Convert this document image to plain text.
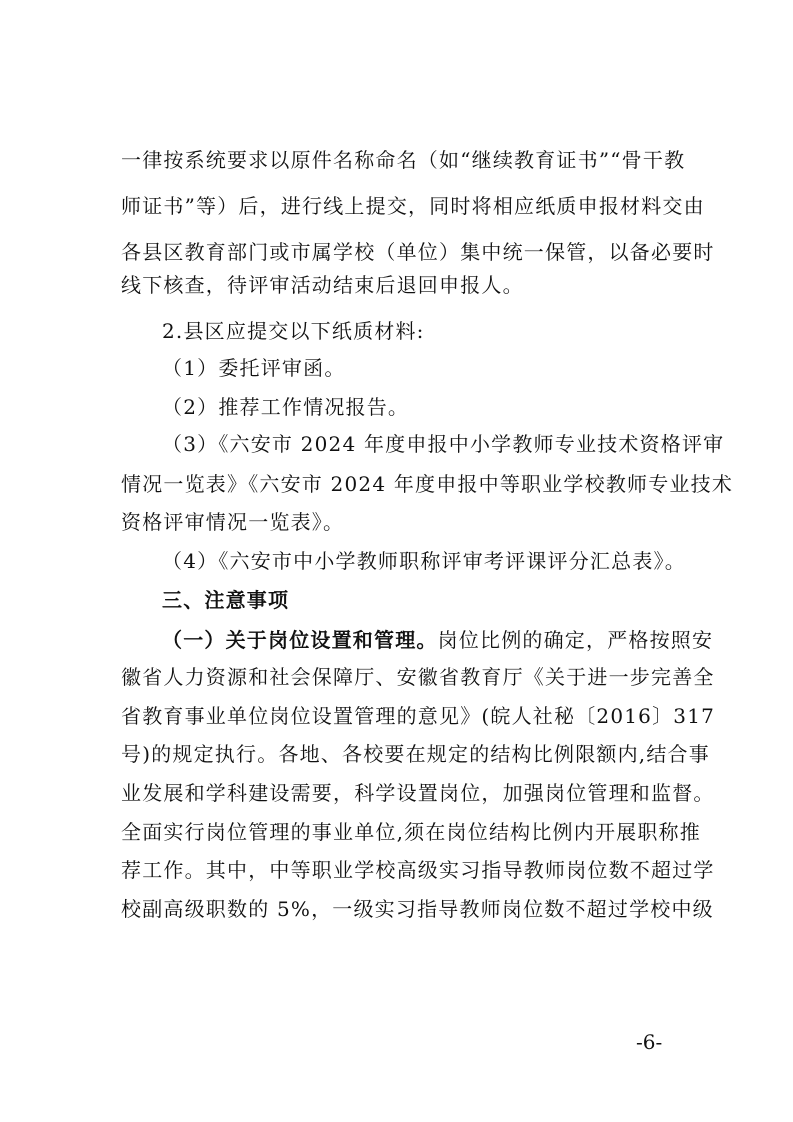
一律按系统要求以原件名称命名（如“继续教育证书”“骨干教
师证书”等）后，进行线上提交，同时将相应纸质申报材料交由
各县区教育部门或市属学校（单位）集中统一保管，以备必要时
线下核查，待评审活动结束后退回申报人。
2.县区应提交以下纸质材料:
（1）委托评审函。
（2）推荐工作情况报告。
（3）《六安市 2024 年度申报中小学教师专业技术资格评审
情况一览表》《六安市 2024 年度申报中等职业学校教师专业技术
资格评审情况一览表》。
（4）《六安市中小学教师职称评审考评课评分汇总表》。
三、注意事项
（一）关于岗位设置和管理。岗位比例的确定，严格按照安
徽省人力资源和社会保障厅、安徽省教育厅《关于进一步完善全
省教育事业单位岗位设置管理的意见》(皖人社秘〔2016〕317
号)的规定执行。各地、各校要在规定的结构比例限额内,结合事
业发展和学科建设需要，科学设置岗位，加强岗位管理和监督。
全面实行岗位管理的事业单位,须在岗位结构比例内开展职称推
荐工作。其中，中等职业学校高级实习指导教师岗位数不超过学
校副高级职数的 5%，一级实习指导教师岗位数不超过学校中级
-6-
